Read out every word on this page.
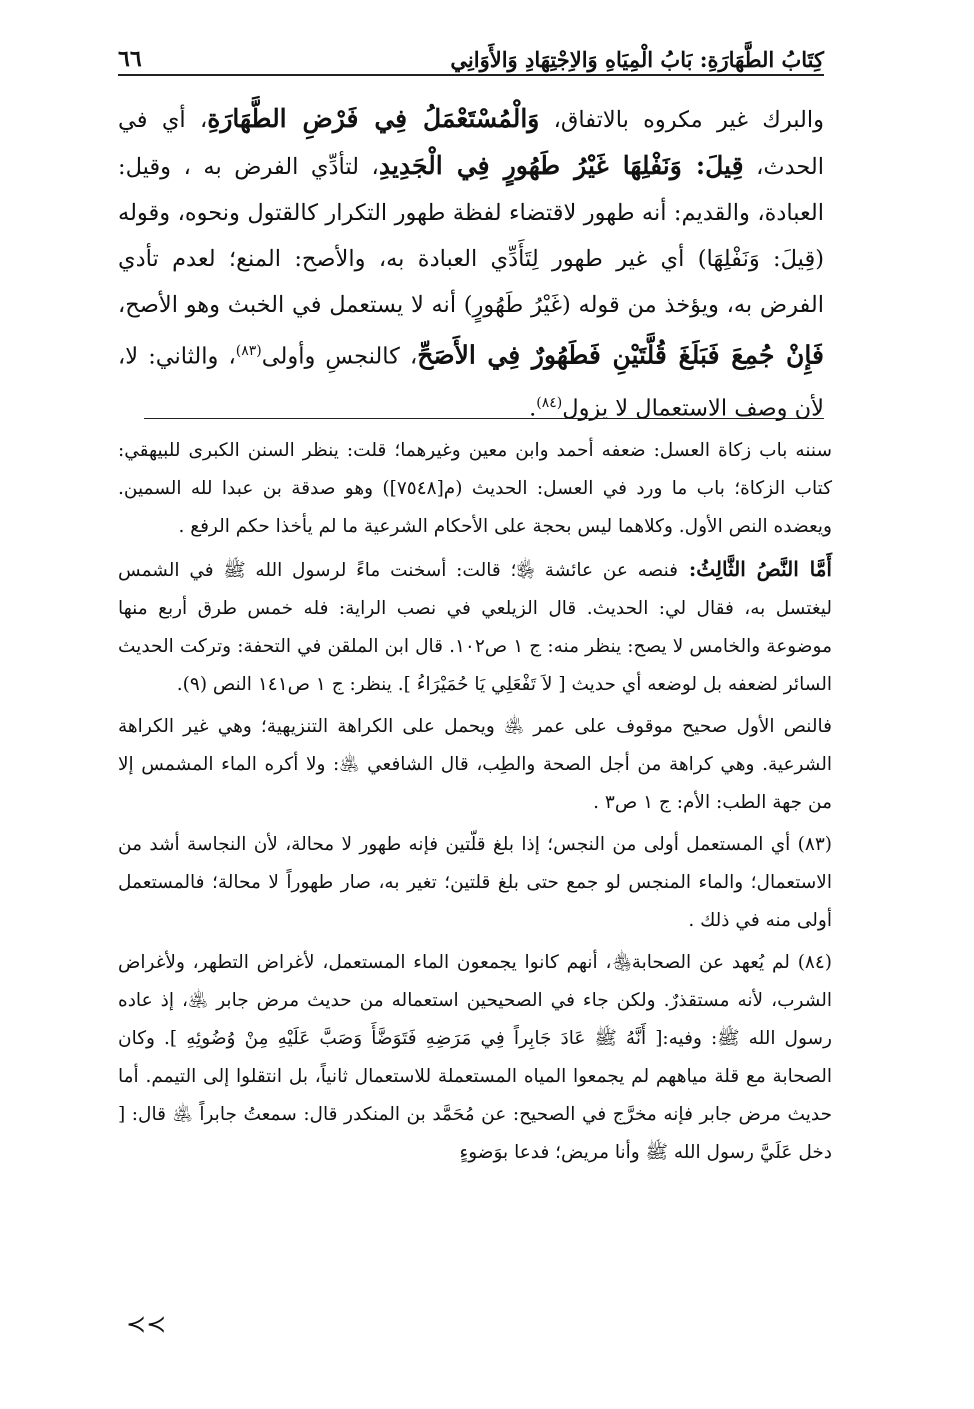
كِتَابُ الطَّهَارَةِ: بَابُ الْمِيَاهِ وَالاِجْتِهَادِ وَالأَوَانِي
٦٦

والبرك غير مكروه بالاتفاق، وَالْمُسْتَعْمَلُ فِي فَرْضِ الطَّهَارَةِ، أي في الحدث، قِيلَ: وَنَفْلِهَا غَيْرُ طَهُورٍ فِي الْجَدِيدِ، لتأدِّي الفرض به ، وقيل: العبادة، والقديم: أنه طهور لاقتضاء لفظة طهور التكرار كالقتول ونحوه، وقوله (قِيلَ: وَنَفْلِهَا) أي غير طهور لِتَأَدِّي العبادة به، والأصح: المنع؛ لعدم تأدي الفرض به، ويؤخذ من قوله (غَيْرُ طَهُورٍ) أنه لا يستعمل في الخبث وهو الأصح، فَإِنْ جُمِعَ فَبَلَغَ قُلَّتَيْنِ فَطَهُورٌ فِي الأَصَحِّ، كالنجسِ وأولى$^{(٨٣)}$، والثاني: لا، لأن وصف الاستعمال لا يزول$^{(٨٤)}$.

سننه باب زكاة العسل: ضعفه أحمد وابن معين وغيرهما؛ قلت: ينظر السنن الكبرى للبيهقي: كتاب الزكاة؛ باب ما ورد في العسل: الحديث (م[٧٥٤٨]) وهو صدقة بن عبدا لله السمين. ويعضده النص الأول. وكلاهما ليس بحجة على الأحكام الشرعية ما لم يأخذا حكم الرفع .

أَمَّا النَّصُ الثَّالِثُ: فنصه عن عائشة ﵂؛ قالت: أسخنت ماءً لرسول الله ﷺ في الشمس ليغتسل به، فقال لي: الحديث. قال الزيلعي في نصب الراية: فله خمس طرق أربع منها موضوعة والخامس لا يصح: ينظر منه: ج ١ ص١٠٢. قال ابن الملقن في التحفة: وتركت الحديث السائر لضعفه بل لوضعه أي حديث [ لاَ تَفْعَلِي يَا حُمَيْرَاءُ ]. ينظر: ج ١ ص١٤١ النص (٩).

فالنص الأول صحيح موقوف على عمر ﵁ ويحمل على الكراهة التنزيهية؛ وهي غير الكراهة الشرعية. وهي كراهة من أجل الصحة والطِب، قال الشافعي ﵁: ولا أكره الماء المشمس إلا من جهة الطب: الأم: ج ١ ص٣ .

(٨٣) أي المستعمل أولى من النجس؛ إذا بلغ قلّتين فإنه طهور لا محالة، لأن النجاسة أشد من الاستعمال؛ والماء المنجس لو جمع حتى بلغ قلتين؛ تغير به، صار طهوراً لا محالة؛ فالمستعمل أولى منه في ذلك .

(٨٤) لم يُعهد عن الصحابة﵃، أنهم كانوا يجمعون الماء المستعمل، لأغراض التطهر، ولأغراض الشرب، لأنه مستقذرٌ. ولكن جاء في الصحيحين استعماله من حديث مرض جابر ﵁، إذ عاده رسول الله ﷺ: وفيه:[ أَنَّهُ ﷺ عَادَ جَابِراً فِي مَرَضِهِ فَتَوَضَّأَ وَصَبَّ عَلَيْهِ مِنْ وُضُوئِهِ ]. وكان الصحابة مع قلة مياههم لم يجمعوا المياه المستعملة للاستعمال ثانياً، بل انتقلوا إلى التيمم. أما حديث مرض جابر فإنه مخرَّج في الصحيح: عن مُحَمَّد بن المنكدر قال: سمعتُ جابراً ﵁ قال: [ دخل عَلَيَّ رسول الله ﷺ وأنا مريض؛ فدعا بوَضوءٍ

≺≺
